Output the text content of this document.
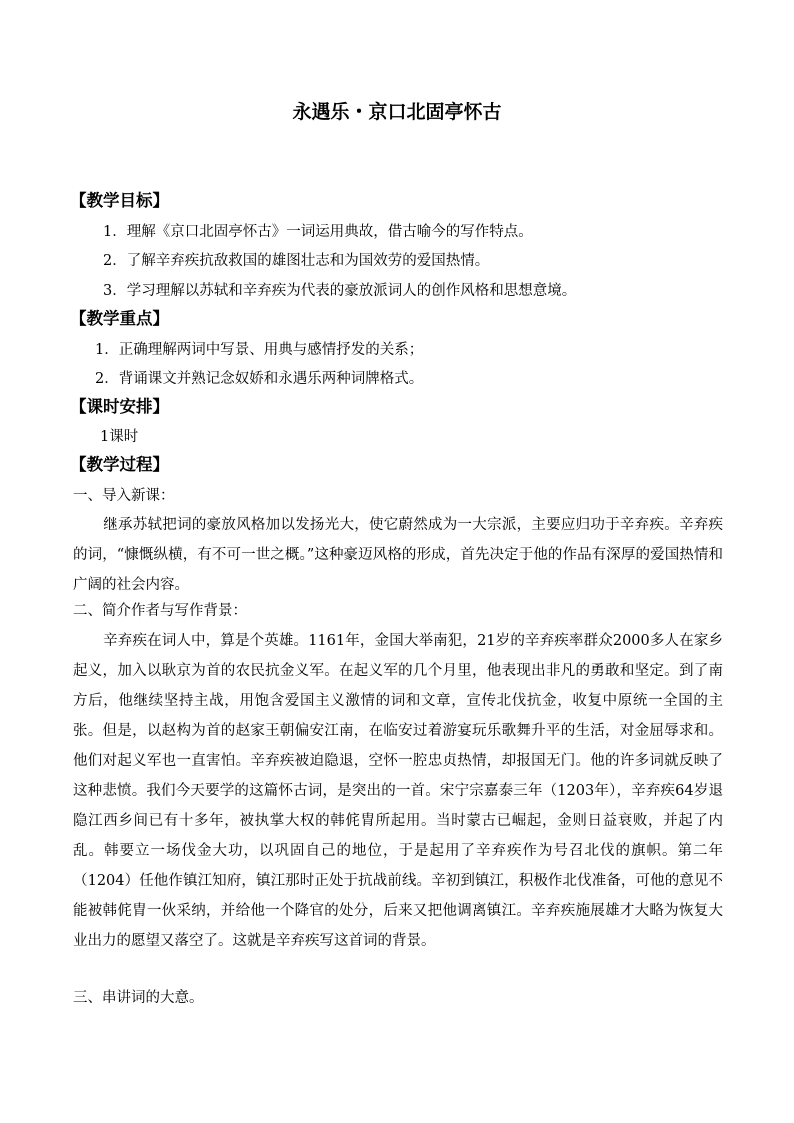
永遇乐・京口北固亭怀古
【教学目标】
1．理解《京口北固亭怀古》一词运用典故，借古喻今的写作特点。
2．了解辛弃疾抗敌救国的雄图壮志和为国效劳的爱国热情。
3．学习理解以苏轼和辛弃疾为代表的豪放派词人的创作风格和思想意境。
【教学重点】
1．正确理解两词中写景、用典与感情抒发的关系；
2．背诵课文并熟记念奴娇和永遇乐两种词牌格式。
【课时安排】
1课时
【教学过程】
一、导入新课：
继承苏轼把词的豪放风格加以发扬光大，使它蔚然成为一大宗派，主要应归功于辛弃疾。辛弃疾的词，“慷慨纵横，有不可一世之概。”这种豪迈风格的形成，首先决定于他的作品有深厚的爱国热情和广阔的社会内容。
二、简介作者与写作背景：
辛弃疾在词人中，算是个英雄。1161年，金国大举南犯，21岁的辛弃疾率群众2000多人在家乡起义，加入以耿京为首的农民抗金义军。在起义军的几个月里，他表现出非凡的勇敢和坚定。到了南方后，他继续坚持主战，用饱含爱国主义激情的词和文章，宣传北伐抗金，收复中原统一全国的主张。但是，以赵构为首的赵家王朝偏安江南，在临安过着游宴玩乐歌舞升平的生活，对金屈辱求和。他们对起义军也一直害怕。辛弃疾被迫隐退，空怀一腔忠贞热情，却报国无门。他的许多词就反映了这种悲愤。我们今天要学的这篇怀古词，是突出的一首。宋宁宗嘉泰三年（1203年），辛弃疾64岁退隐江西乡间已有十多年，被执掌大权的韩侂胄所起用。当时蒙古已崛起，金则日益衰败，并起了内乱。韩要立一场伐金大功，以巩固自己的地位，于是起用了辛弃疾作为号召北伐的旗帜。第二年（1204）任他作镇江知府，镇江那时正处于抗战前线。辛初到镇江，积极作北伐准备，可他的意见不能被韩侂胄一伙采纳，并给他一个降官的处分，后来又把他调离镇江。辛弃疾施展雄才大略为恢复大业出力的愿望又落空了。这就是辛弃疾写这首词的背景。
三、串讲词的大意。
